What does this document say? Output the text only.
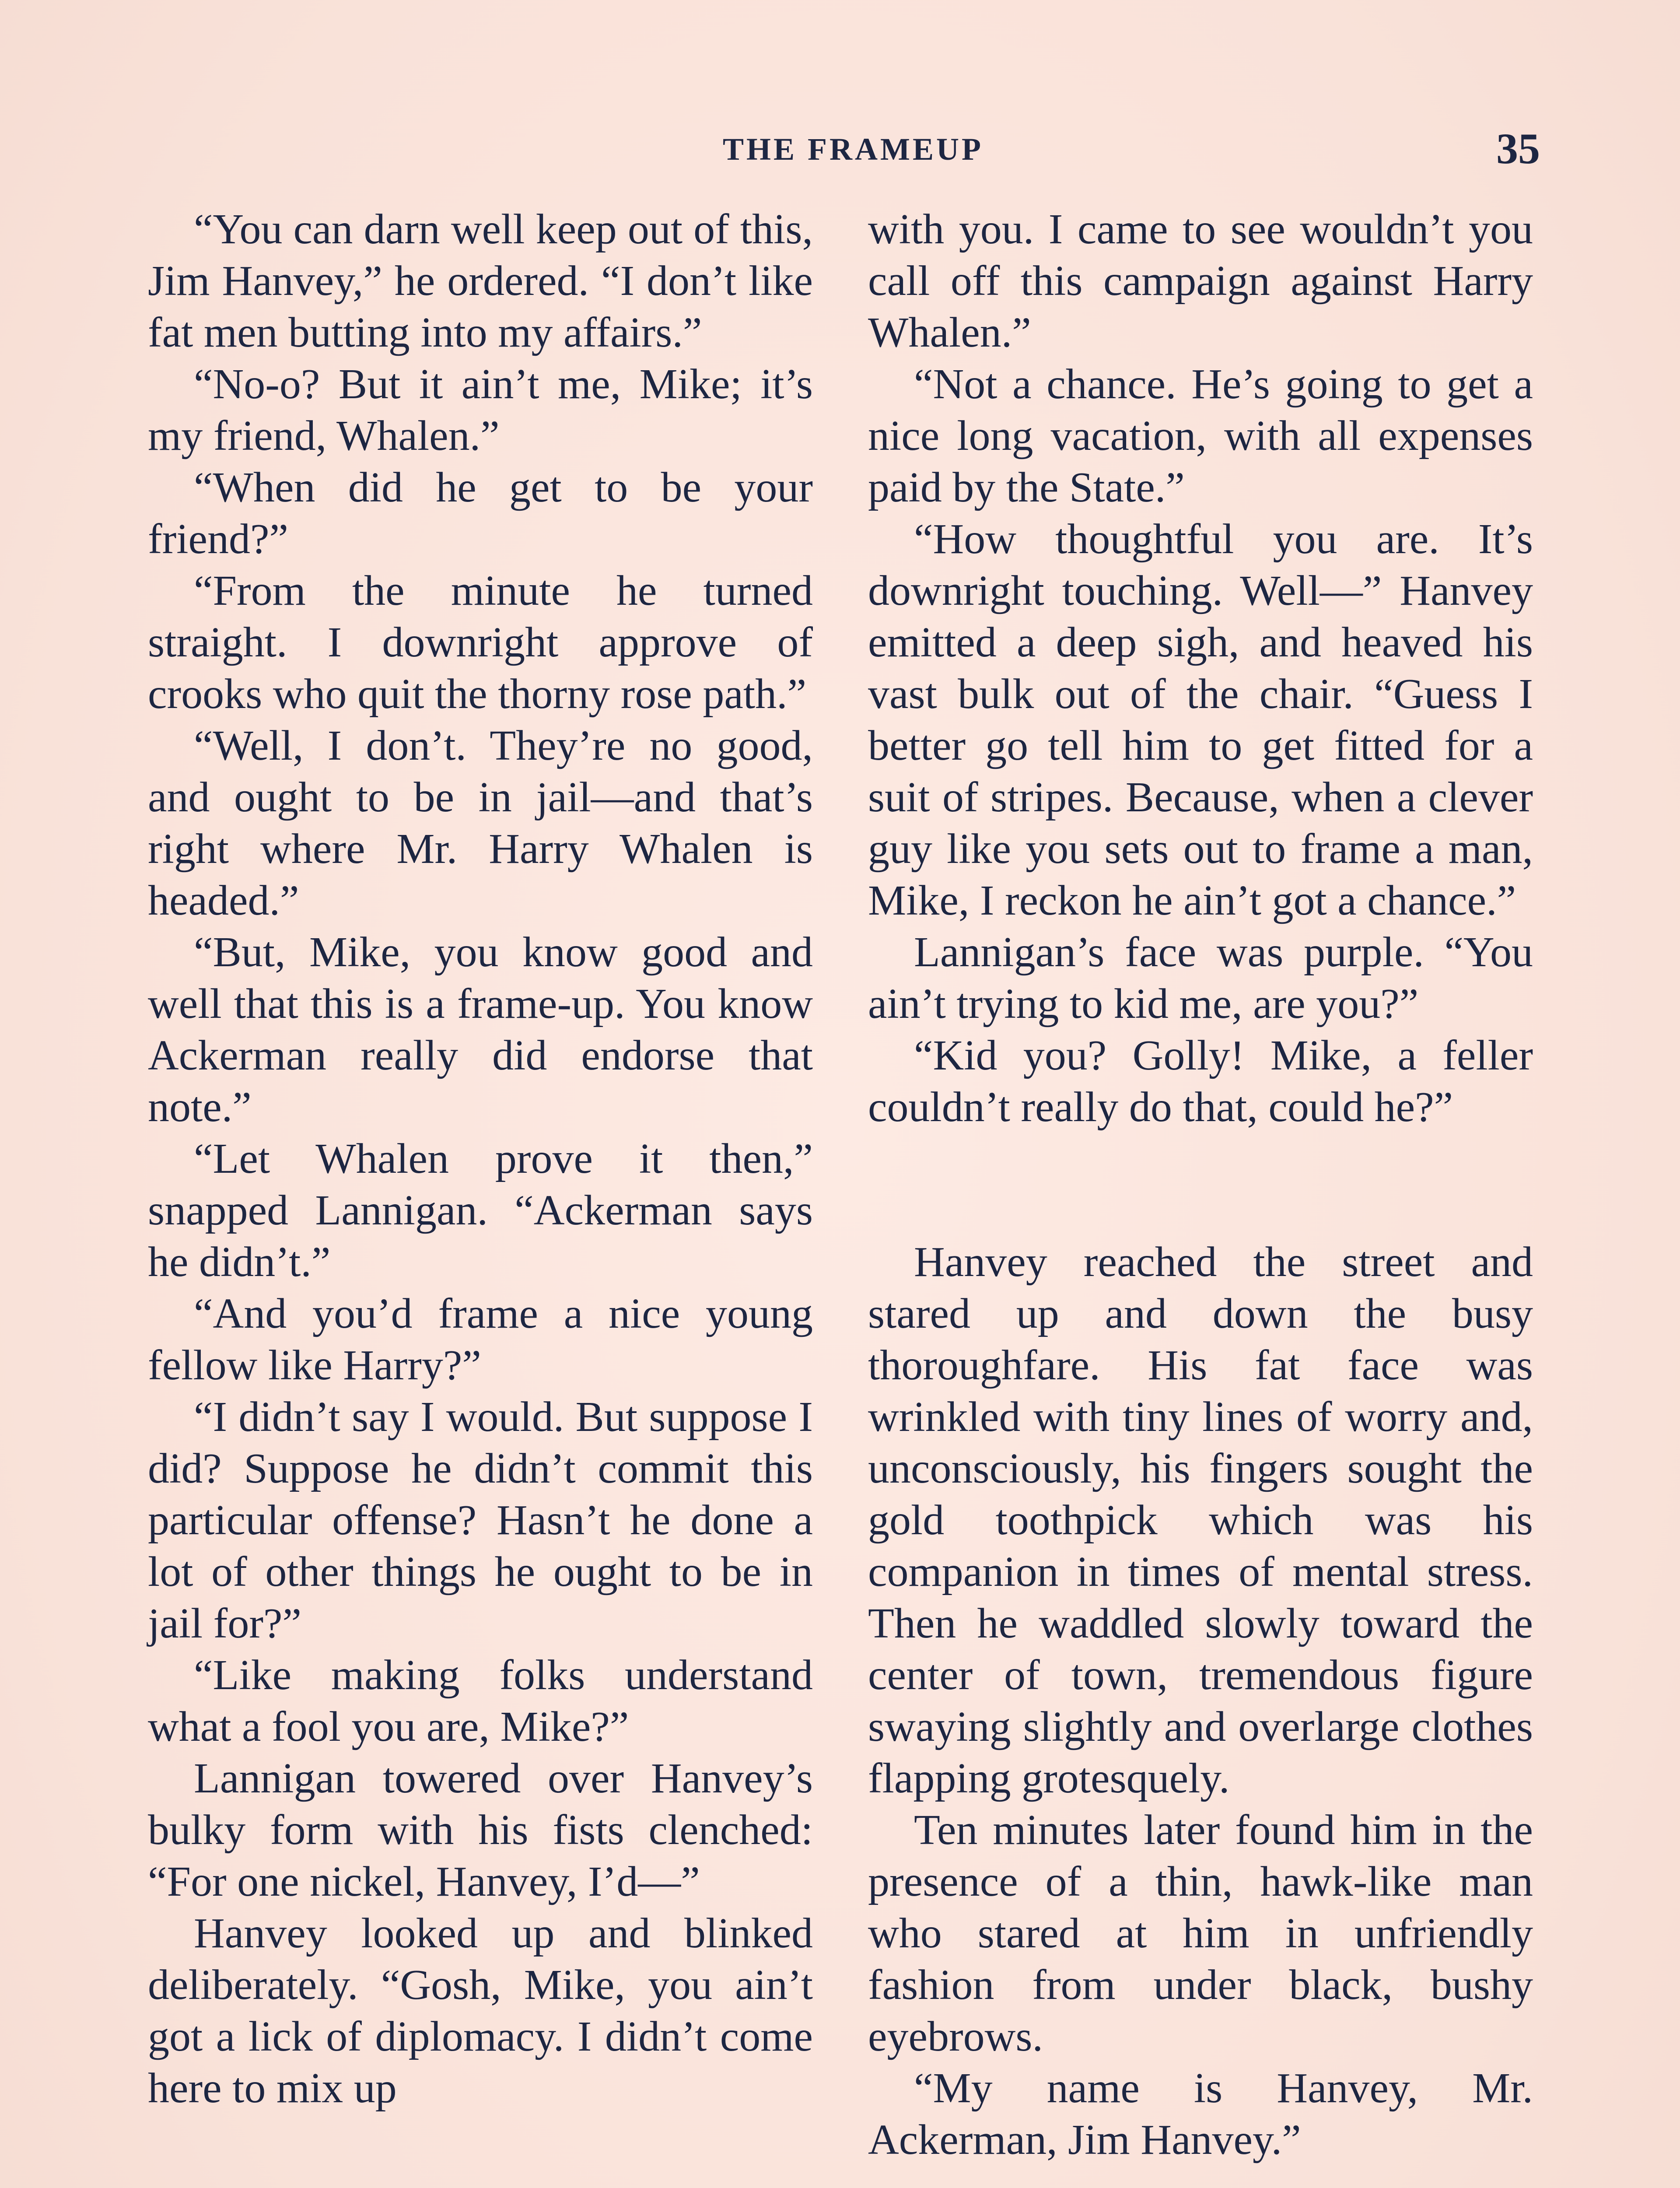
THE FRAMEUP	35

“You can darn well keep out of this, Jim Hanvey,” he ordered. “I don’t like fat men butting into my affairs.”

“No-o? But it ain’t me, Mike; it’s my friend, Whalen.”

“When did he get to be your friend?”

“From the minute he turned straight. I downright approve of crooks who quit the thorny rose path.”

“Well, I don’t. They’re no good, and ought to be in jail—and that’s right where Mr. Harry Whalen is headed.”

“But, Mike, you know good and well that this is a frame-up. You know Ackerman really did endorse that note.”

“Let Whalen prove it then,” snapped Lannigan. “Ackerman says he didn’t.”

“And you’d frame a nice young fellow like Harry?”

“I didn’t say I would. But suppose I did? Suppose he didn’t commit this particular offense? Hasn’t he done a lot of other things he ought to be in jail for?”

“Like making folks understand what a fool you are, Mike?”

Lannigan towered over Hanvey’s bulky form with his fists clenched: “For one nickel, Hanvey, I’d—”

Hanvey looked up and blinked deliberately. “Gosh, Mike, you ain’t got a lick of diplomacy. I didn’t come here to mix up

with you. I came to see wouldn’t you call off this campaign against Harry Whalen.”

“Not a chance. He’s going to get a nice long vacation, with all expenses paid by the State.”

“How thoughtful you are. It’s downright touching. Well—” Hanvey emitted a deep sigh, and heaved his vast bulk out of the chair. “Guess I better go tell him to get fitted for a suit of stripes. Because, when a clever guy like you sets out to frame a man, Mike, I reckon he ain’t got a chance.”

Lannigan’s face was purple. “You ain’t trying to kid me, are you?”

“Kid you? Golly! Mike, a feller couldn’t really do that, could he?”

Hanvey reached the street and stared up and down the busy thoroughfare. His fat face was wrinkled with tiny lines of worry and, unconsciously, his fingers sought the gold toothpick which was his companion in times of mental stress. Then he waddled slowly toward the center of town, tremendous figure swaying slightly and overlarge clothes flapping grotesquely.

Ten minutes later found him in the presence of a thin, hawk-like man who stared at him in unfriendly fashion from under black, bushy eyebrows.

“My name is Hanvey, Mr. Ackerman, Jim Hanvey.”
